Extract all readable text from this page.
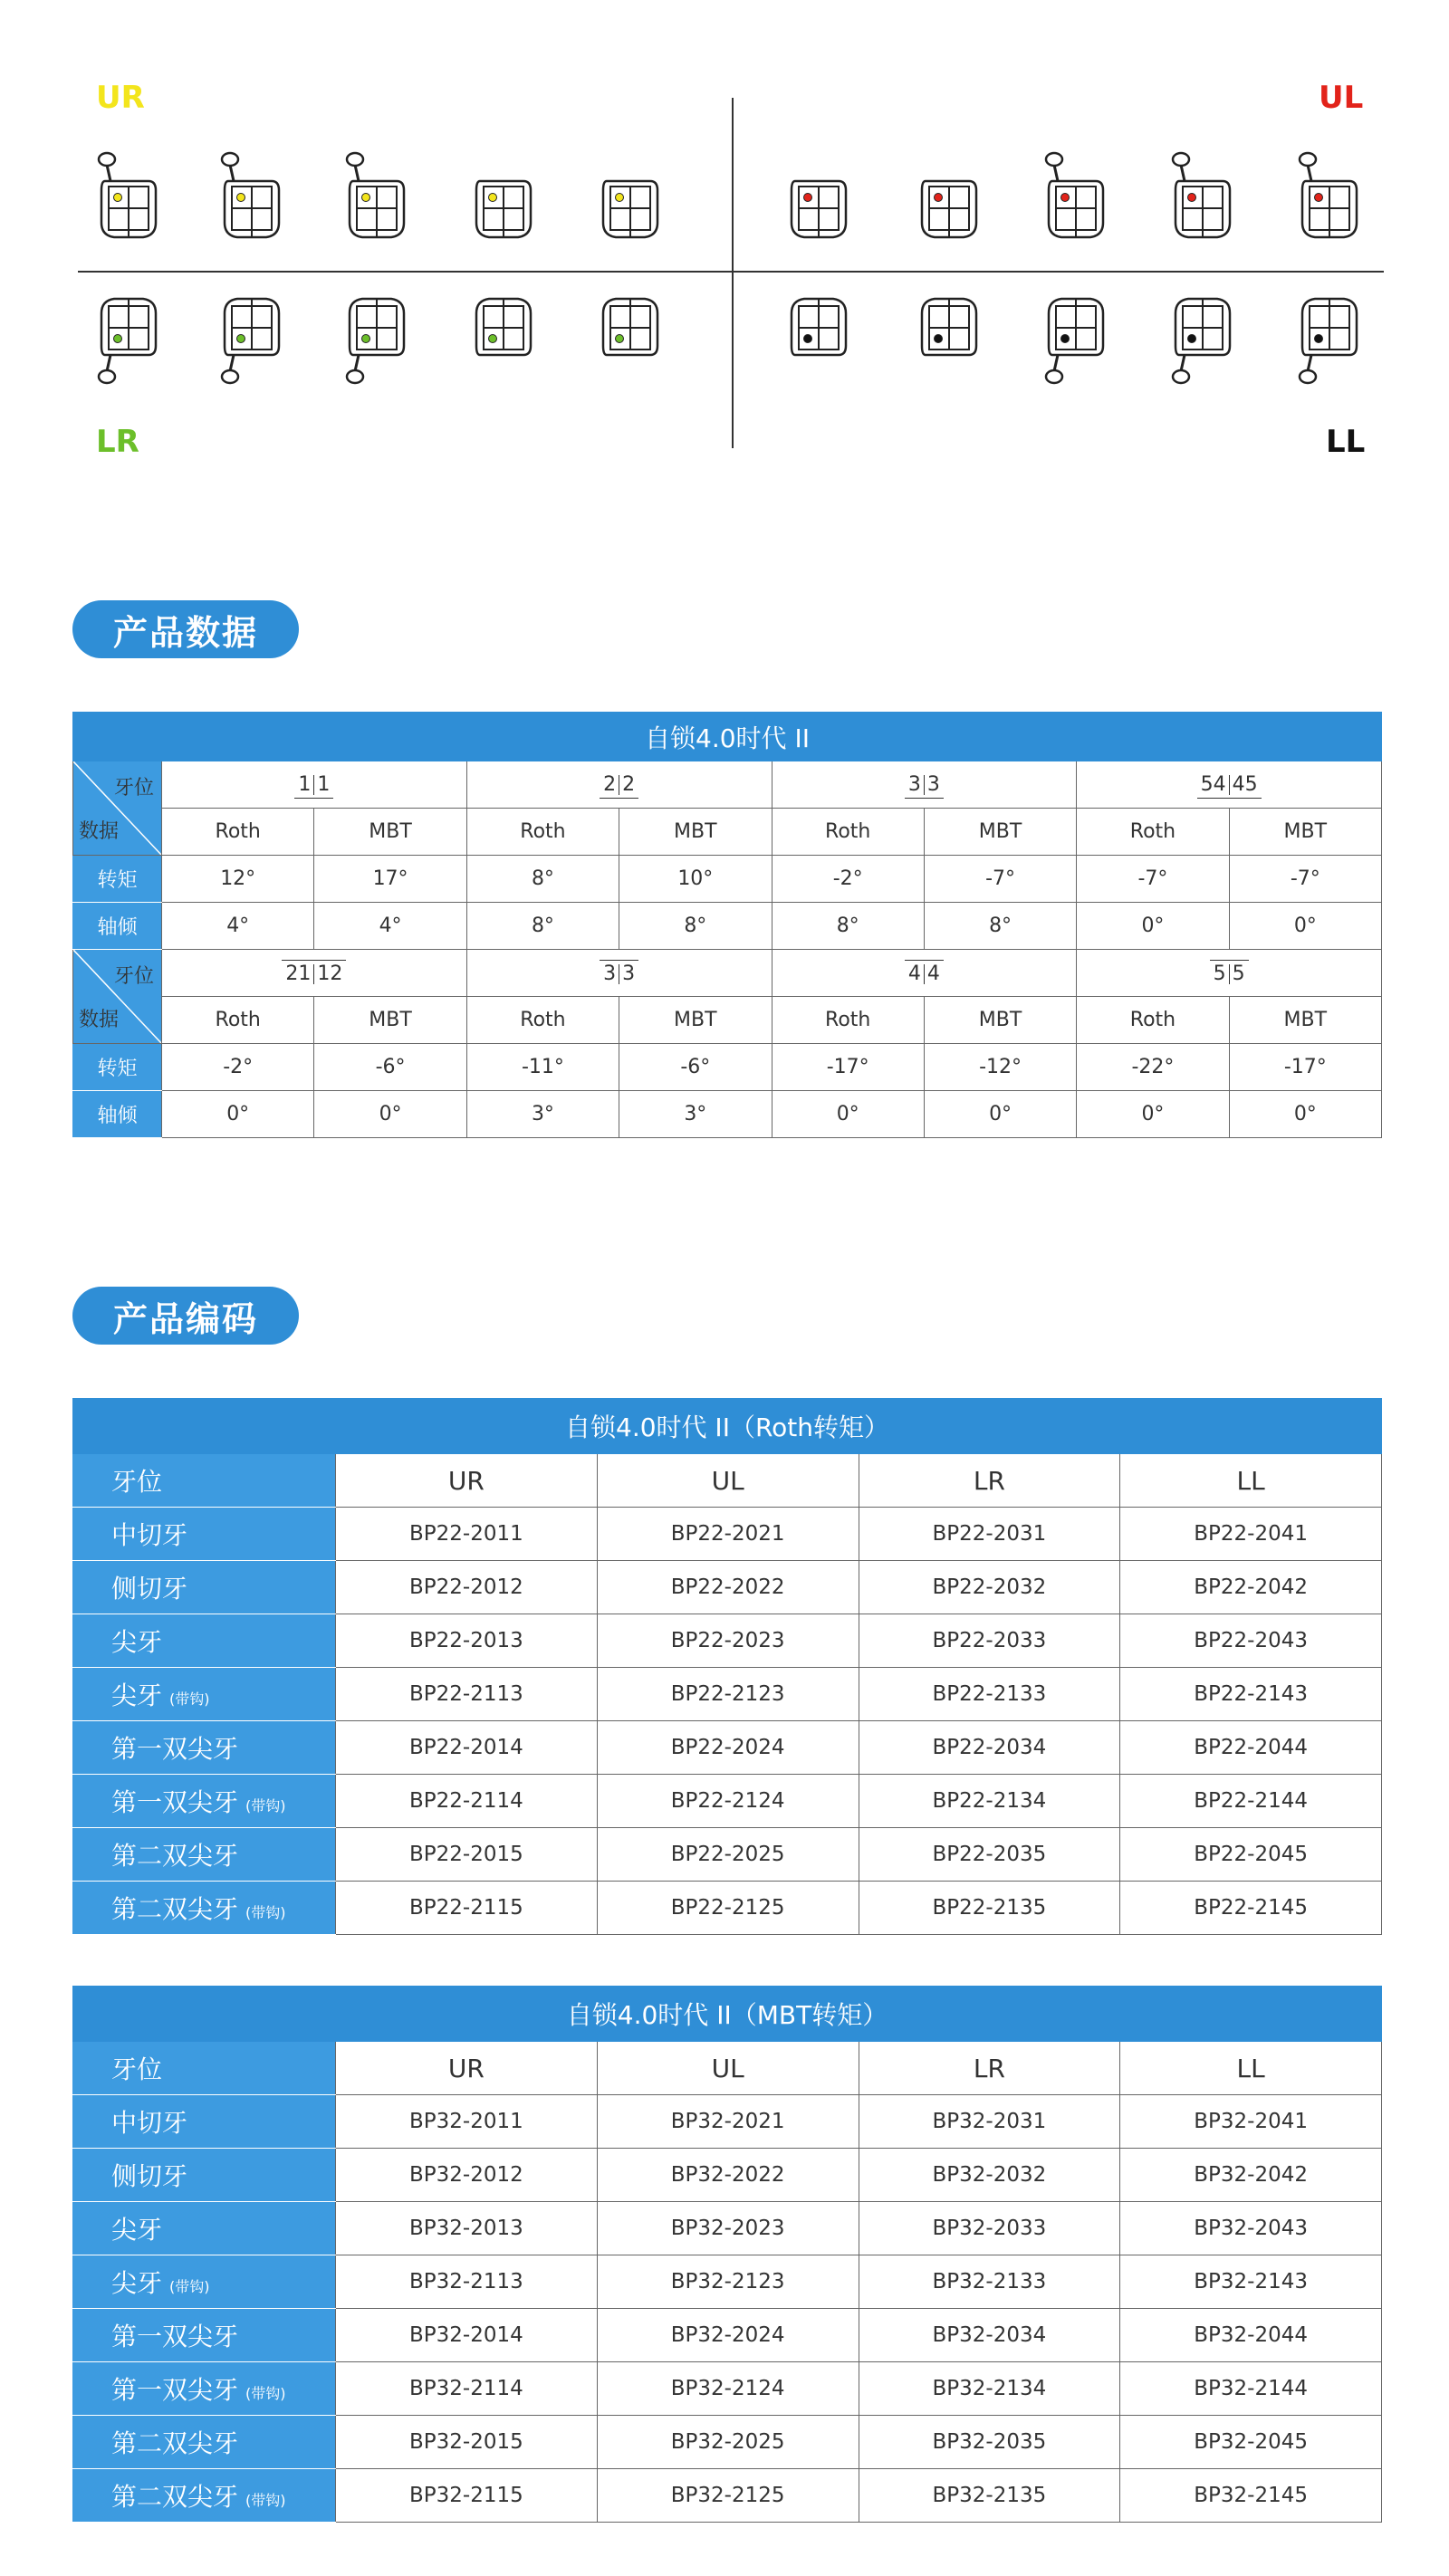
UR	UL
LR	LL
产品数据
自锁4.0时代 II								

牙位
数据	1 1		2 2		3 3		54 45	
	Roth	MBT	Roth	MBT	Roth	MBT	Roth	MBT
转矩	12°	17°	8°	10°	-2°	-7°	-7°	-7°
轴倾	4°	4°	8°	8°	8°	8°	0°	0°

牙位
数据	21 12		3 3		4 4		5 5	
	Roth	MBT	Roth	MBT	Roth	MBT	Roth	MBT
转矩	-2°	-6°	-11°	-6°	-17°	-12°	-22°	-17°
轴倾	0°	0°	3°	3°	0°	0°	0°	0°
产品编码
自锁4.0时代 II（Roth转矩）				
牙位	UR	UL	LR	LL
中切牙	BP22-2011	BP22-2021	BP22-2031	BP22-2041
侧切牙	BP22-2012	BP22-2022	BP22-2032	BP22-2042
尖牙	BP22-2013	BP22-2023	BP22-2033	BP22-2043
尖牙 (带钩)	BP22-2113	BP22-2123	BP22-2133	BP22-2143
第一双尖牙	BP22-2014	BP22-2024	BP22-2034	BP22-2044
第一双尖牙 (带钩)	BP22-2114	BP22-2124	BP22-2134	BP22-2144
第二双尖牙	BP22-2015	BP22-2025	BP22-2035	BP22-2045
第二双尖牙 (带钩)	BP22-2115	BP22-2125	BP22-2135	BP22-2145
自锁4.0时代 II（MBT转矩）				
牙位	UR	UL	LR	LL
中切牙	BP32-2011	BP32-2021	BP32-2031	BP32-2041
侧切牙	BP32-2012	BP32-2022	BP32-2032	BP32-2042
尖牙	BP32-2013	BP32-2023	BP32-2033	BP32-2043
尖牙 (带钩)	BP32-2113	BP32-2123	BP32-2133	BP32-2143
第一双尖牙	BP32-2014	BP32-2024	BP32-2034	BP32-2044
第一双尖牙 (带钩)	BP32-2114	BP32-2124	BP32-2134	BP32-2144
第二双尖牙	BP32-2015	BP32-2025	BP32-2035	BP32-2045
第二双尖牙 (带钩)	BP32-2115	BP32-2125	BP32-2135	BP32-2145
